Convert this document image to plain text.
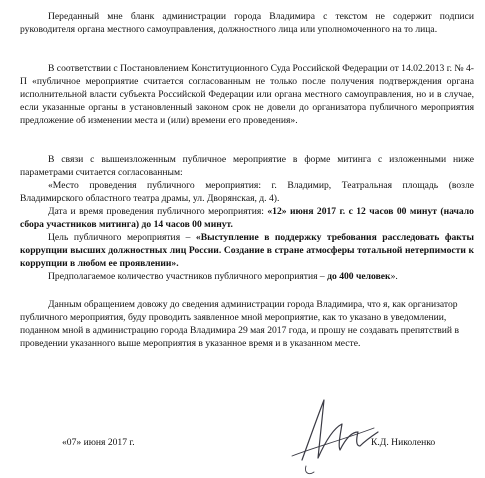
Переданный мне бланк администрации города Владимира с текстом не содержит подписи руководителя органа местного самоуправления, должностного лица или уполномоченного на то лица.

В соответствии с Постановлением Конституционного Суда Российской Федерации от 14.02.2013 г. № 4-П «публичное мероприятие считается согласованным не только после получения подтверждения органа исполнительной власти субъекта Российской Федерации или органа местного самоуправления, но и в случае, если указанные органы в установленный законом срок не довели до организатора публичного мероприятия предложение об изменении места и (или) времени его проведения».

В связи с вышеизложенным публичное мероприятие в форме митинга с изложенными ниже параметрами считается согласованным:

«Место проведения публичного мероприятия: г. Владимир, Театральная площадь (возле Владимирского областного театра драмы, ул. Дворянская, д. 4).

Дата и время проведения публичного мероприятия: «12» июня 2017 г. с 12 часов 00 минут (начало сбора участников митинга) до 14 часов 00 минут.

Цель публичного мероприятия – «Выступление в поддержку требования расследовать факты коррупции высших должностных лиц России. Создание в стране атмосферы тотальной нетерпимости к коррупции в любом ее проявлении».

Предполагаемое количество участников публичного мероприятия – до 400 человек».

Данным обращением довожу до сведения администрации города Владимира, что я, как организатор публичного мероприятия, буду проводить заявленное мной мероприятие, как то указано в уведомлении, поданном мной в администрацию города Владимира 29 мая 2017 года, и прошу не создавать препятствий в проведении указанного выше мероприятия в указанное время и в указанном месте.

«07» июня 2017 г.	К.Д. Николенко
